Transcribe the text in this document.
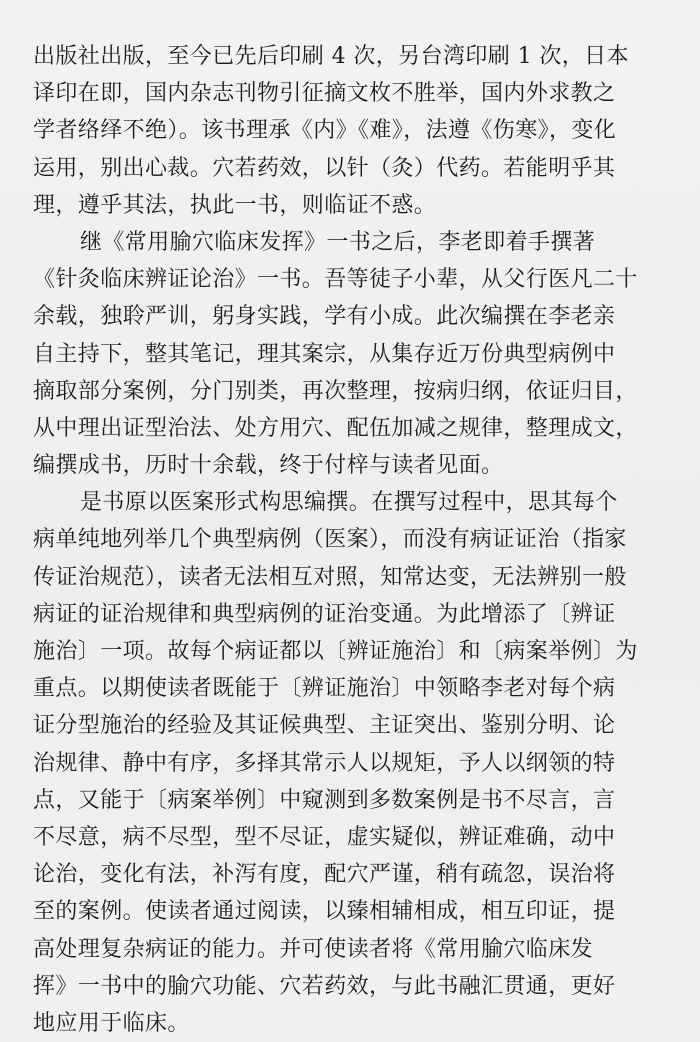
出版社出版，至今已先后印刷 4 次，另台湾印刷 1 次，日本
译印在即，国内杂志刊物引征摘文枚不胜举，国内外求教之
学者络绎不绝）。该书理承《内》《难》，法遵《伤寒》，变化
运用，别出心裁。穴若药效，以针（灸）代药。若能明乎其
理，遵乎其法，执此一书，则临证不惑。
继《常用腧穴临床发挥》一书之后，李老即着手撰著
《针灸临床辨证论治》一书。吾等徒子小辈，从父行医凡二十
余载，独聆严训，躬身实践，学有小成。此次编撰在李老亲
自主持下，整其笔记，理其案宗，从集存近万份典型病例中
摘取部分案例，分门别类，再次整理，按病归纲，依证归目，
从中理出证型治法、处方用穴、配伍加减之规律，整理成文，
编撰成书，历时十余载，终于付梓与读者见面。
是书原以医案形式构思编撰。在撰写过程中，思其每个
病单纯地列举几个典型病例（医案），而没有病证证治（指家
传证治规范），读者无法相互对照，知常达变，无法辨别一般
病证的证治规律和典型病例的证治变通。为此增添了〔辨证
施治〕一项。故每个病证都以〔辨证施治〕和〔病案举例〕为
重点。以期使读者既能于〔辨证施治〕中领略李老对每个病
证分型施治的经验及其证候典型、主证突出、鉴别分明、论
治规律、静中有序，多择其常示人以规矩，予人以纲领的特
点，又能于〔病案举例〕中窥测到多数案例是书不尽言，言
不尽意，病不尽型，型不尽证，虚实疑似，辨证难确，动中
论治，变化有法，补泻有度，配穴严谨，稍有疏忽，误治将
至的案例。使读者通过阅读，以臻相辅相成，相互印证，提
高处理复杂病证的能力。并可使读者将《常用腧穴临床发
挥》一书中的腧穴功能、穴若药效，与此书融汇贯通，更好
地应用于临床。
